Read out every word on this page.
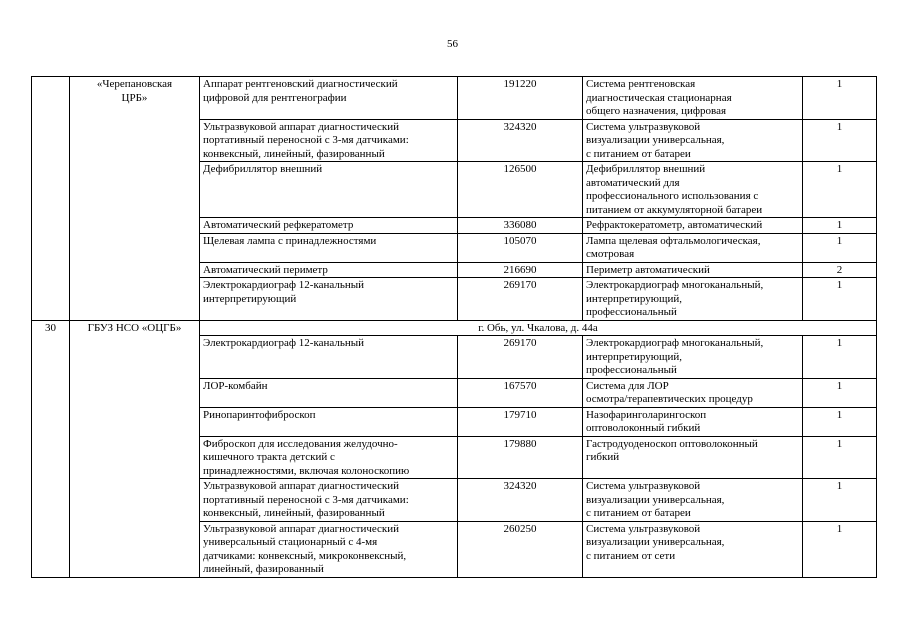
56

	«Черепановская
ЦРБ»	Аппарат рентгеновский диагностический
цифровой для рентгенографии	191220	Система рентгеновская
диагностическая стационарная
общего назначения, цифровая	1

		Ультразвуковой аппарат диагностический
портативный переносной с 3-мя датчиками:
конвексный, линейный, фазированный	324320	Система ультразвуковой
визуализации универсальная,
с питанием от батареи	1

		Дефибриллятор внешний	126500	Дефибриллятор внешний
автоматический для
профессионального использования с
питанием от аккумуляторной батареи	1

		Автоматический рефкератометр	336080	Рефрактокератометр, автоматический	1

		Щелевая лампа с принадлежностями	105070	Лампа щелевая офтальмологическая,
смотровая	1

		Автоматический периметр	216690	Периметр автоматический	2

		Электрокардиограф 12-канальный
интерпретирующий	269170	Электрокардиограф многоканальный,
интерпретирующий,
профессиональный	1
30	ГБУЗ НСО «ОЦГБ»	г. Обь, ул. Чкалова, д. 44а			

		Электрокардиограф 12-канальный	269170	Электрокардиограф многоканальный,
интерпретирующий,
профессиональный	1

		ЛОР-комбайн	167570	Система для ЛОР
осмотра/терапевтических процедур	1

		Ринопаринтофиброскоп	179710	Назофаринголарингоскоп
оптоволоконный гибкий	1

		Фиброскоп для исследования желудочно-
кишечного тракта детский с
принадлежностями, включая колоноскопию	179880	Гастродуоденоскоп оптоволоконный
гибкий	1

		Ультразвуковой аппарат диагностический
портативный переносной с 3-мя датчиками:
конвексный, линейный, фазированный	324320	Система ультразвуковой
визуализации универсальная,
с питанием от батареи	1

		Ультразвуковой аппарат диагностический
универсальный стационарный с 4-мя
датчиками: конвексный, микроконвексный,
линейный, фазированный	260250	Система ультразвуковой
визуализации универсальная,
с питанием от сети	1
